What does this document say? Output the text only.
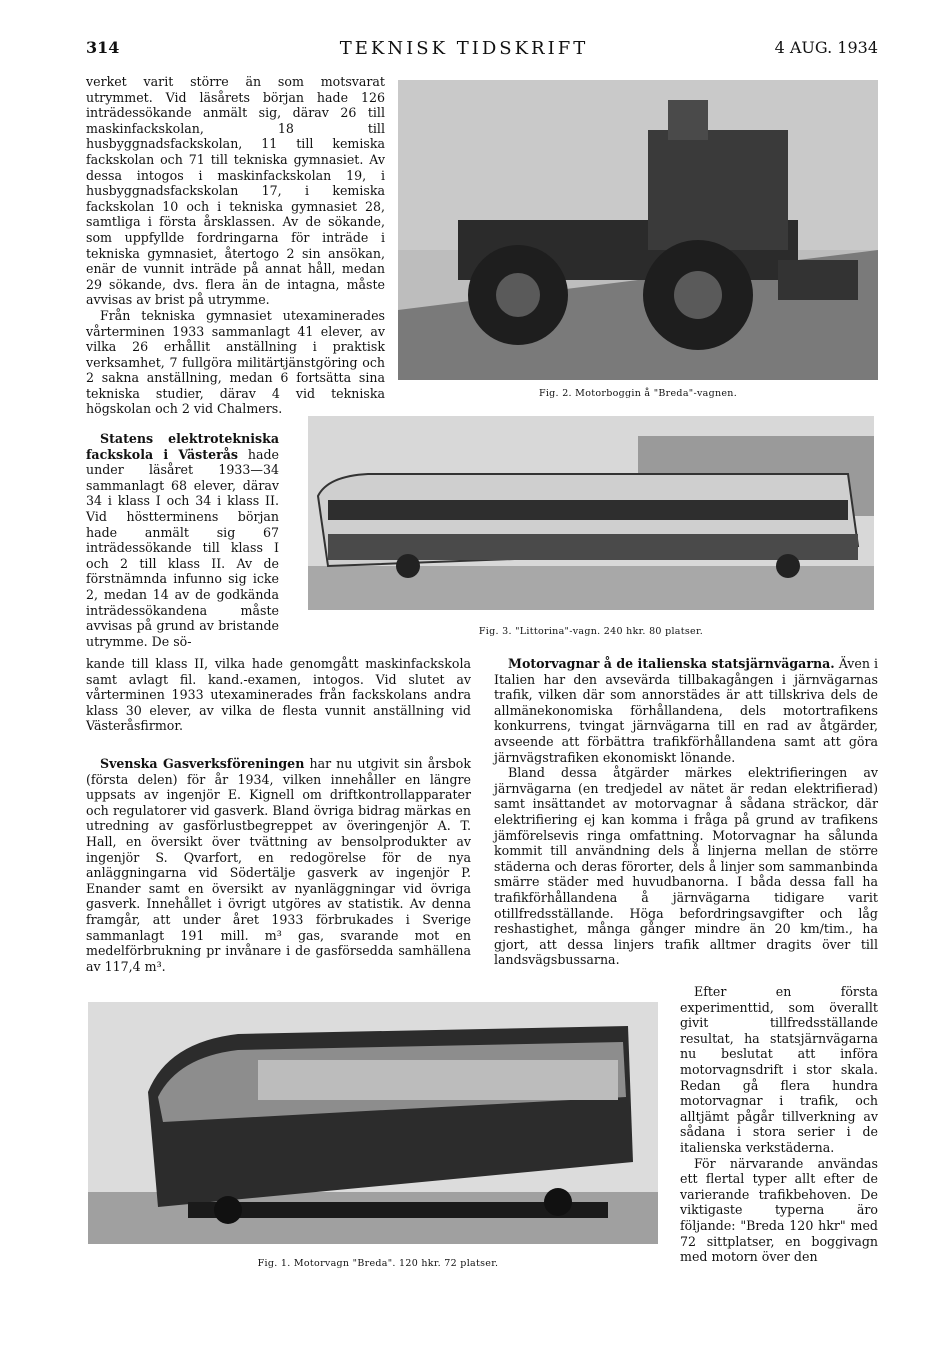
314	TEKNISK TIDSKRIFT	4 AUG. 1934

verket varit större än som motsvarat utrymmet. Vid läsårets början hade 126 inträdessökande anmält sig, därav 26 till maskinfackskolan, 18 till husbyggnadsfackskolan, 11 till kemiska fackskolan och 71 till tekniska gymnasiet. Av dessa intogos i maskinfackskolan 19, i husbyggnadsfackskolan 17, i kemiska fackskolan 10 och i tekniska gymnasiet 28, samtliga i första årsklassen. Av de sökande, som uppfyllde fordringarna för inträde i tekniska gymnasiet, återtogo 2 sin ansökan, enär de vunnit inträde på annat håll, medan 29 sökande, dvs. flera än de intagna, måste avvisas av brist på utrymme.

Från tekniska gymnasiet utexaminerades vårterminen 1933 sammanlagt 41 elever, av vilka 26 erhållit anställning i praktisk verksamhet, 7 fullgöra militärtjänstgöring och 2 sakna anställning, medan 6 fortsätta sina tekniska studier, därav 4 vid tekniska högskolan och 2 vid Chalmers.

Fig. 2. Motorboggin å "Breda"-vagnen.
Fig. 3. "Littorina"-vagn. 240 hkr. 80 platser.

Statens elektrotekniska fackskola i Västerås hade under läsåret 1933—34 sammanlagt 68 elever, därav 34 i klass I och 34 i klass II. Vid höstterminens början hade anmält sig 67 inträdessökande till klass I och 2 till klass II. Av de förstnämnda infunno sig icke 2, medan 14 av de godkända inträdessökandena måste avvisas på grund av bristande utrymme. De sö-

kande till klass II, vilka hade genomgått maskinfackskola samt avlagt fil. kand.-examen, intogos. Vid slutet av vårterminen 1933 utexaminerades från fackskolans andra klass 30 elever, av vilka de flesta vunnit anställning vid Västeråsfirmor.

Svenska Gasverksföreningen har nu utgivit sin årsbok (första delen) för år 1934, vilken innehåller en längre uppsats av ingenjör E. Kignell om driftkontrollapparater och regulatorer vid gasverk. Bland övriga bidrag märkas en utredning av gasförlustbegreppet av överingenjör A. T. Hall, en översikt över tvättning av bensolprodukter av ingenjör S. Qvarfort, en redogörelse för de nya anläggningarna vid Södertälje gasverk av ingenjör P. Enander samt en översikt av nyanläggningar vid övriga gasverk. Innehållet i övrigt utgöres av statistik. Av denna framgår, att under året 1933 förbrukades i Sverige sammanlagt 191 mill. m³ gas, svarande mot en medelförbrukning pr invånare i de gasförsedda samhällena av 117,4 m³.

Motorvagnar å de italienska statsjärnvägarna. Även i Italien har den avsevärda tillbakagången i järnvägarnas trafik, vilken där som annorstädes är att tillskriva dels de allmänekonomiska förhållandena, dels motortrafikens konkurrens, tvingat järnvägarna till en rad av åtgärder, avseende att förbättra trafikförhållandena samt att göra järnvägstrafiken ekonomiskt lönande.

Bland dessa åtgärder märkes elektrifieringen av järnvägarna (en tredjedel av nätet är redan elektrifierad) samt insättandet av motorvagnar å sådana sträckor, där elektrifiering ej kan komma i fråga på grund av trafikens jämförelsevis ringa omfattning. Motorvagnar ha sålunda kommit till användning dels å linjerna mellan de större städerna och deras förorter, dels å linjer som sammanbinda smärre städer med huvudbanorna. I båda dessa fall ha trafikförhållandena å järnvägarna tidigare varit otillfredsställande. Höga befordringsavgifter och låg reshastighet, många gånger mindre än 20 km/tim., ha gjort, att dessa linjers trafik alltmer dragits över till landsvägsbussarna.

Efter en första experimenttid, som överallt givit tillfredsställande resultat, ha statsjärnvägarna nu beslutat att införa motorvagnsdrift i stor skala. Redan gå flera hundra motorvagnar i trafik, och alltjämt pågår tillverkning av sådana i stora serier i de italienska verkstäderna.

För närvarande användas ett flertal typer allt efter de varierande trafikbehoven. De viktigaste typerna äro följande: "Breda 120 hkr" med 72 sittplatser, en boggivagn med motorn över den

Fig. 1. Motorvagn "Breda". 120 hkr. 72 platser.
